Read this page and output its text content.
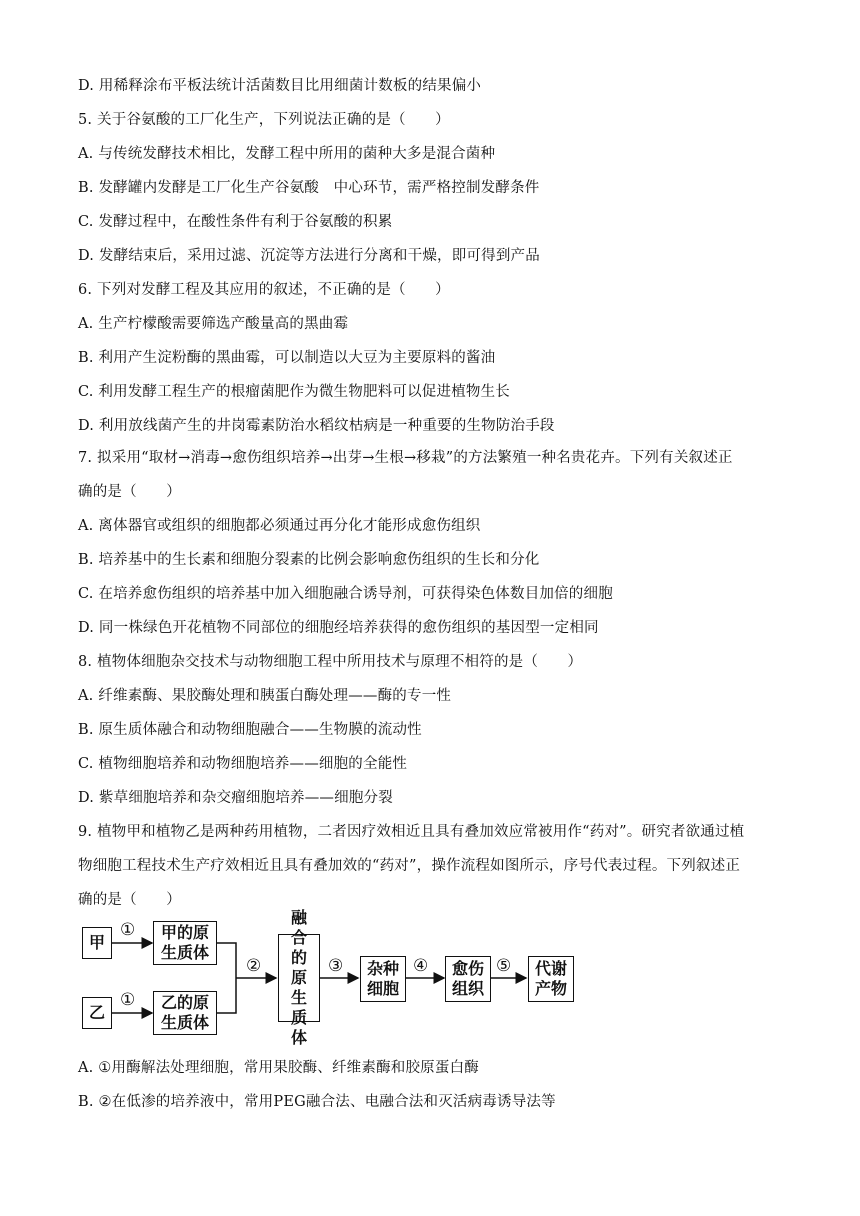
D. 用稀释涂布平板法统计活菌数目比用细菌计数板的结果偏小
5. 关于谷氨酸的工厂化生产，下列说法正确的是（　　）
A. 与传统发酵技术相比，发酵工程中所用的菌种大多是混合菌种
B. 发酵罐内发酵是工厂化生产谷氨酸　中心环节，需严格控制发酵条件
C. 发酵过程中，在酸性条件有利于谷氨酸的积累
D. 发酵结束后，采用过滤、沉淀等方法进行分离和干燥，即可得到产品
6. 下列对发酵工程及其应用的叙述，不正确的是（　　）
A. 生产柠檬酸需要筛选产酸量高的黑曲霉
B. 利用产生淀粉酶的黑曲霉，可以制造以大豆为主要原料的酱油
C. 利用发酵工程生产的根瘤菌肥作为微生物肥料可以促进植物生长
D. 利用放线菌产生的井岗霉素防治水稻纹枯病是一种重要的生物防治手段
7. 拟采用“取材→消毒→愈伤组织培养→出芽→生根→移栽”的方法繁殖一种名贵花卉。下列有关叙述正
确的是（　　）
A. 离体器官或组织的细胞都必须通过再分化才能形成愈伤组织
B. 培养基中的生长素和细胞分裂素的比例会影响愈伤组织的生长和分化
C. 在培养愈伤组织的培养基中加入细胞融合诱导剂，可获得染色体数目加倍的细胞
D. 同一株绿色开花植物不同部位的细胞经培养获得的愈伤组织的基因型一定相同
8. 植物体细胞杂交技术与动物细胞工程中所用技术与原理不相符的是（　　）
A. 纤维素酶、果胶酶处理和胰蛋白酶处理——酶的专一性
B. 原生质体融合和动物细胞融合——生物膜的流动性
C. 植物细胞培养和动物细胞培养——细胞的全能性
D. 紫草细胞培养和杂交瘤细胞培养——细胞分裂
9. 植物甲和植物乙是两种药用植物，二者因疗效相近且具有叠加效应常被用作“药对”。研究者欲通过植
物细胞工程技术生产疗效相近且具有叠加效的“药对”，操作流程如图所示，序号代表过程。下列叙述正
确的是（　　）
A. ①用酶解法处理细胞，常用果胶酶、纤维素酶和胶原蛋白酶
B. ②在低渗的培养液中，常用PEG融合法、电融合法和灭活病毒诱导法等
甲
乙
①
①
甲的原生质体
乙的原生质体
②
融合的原生质体
③ 杂种细胞
④ 愈伤组织
⑤ 代谢产物
